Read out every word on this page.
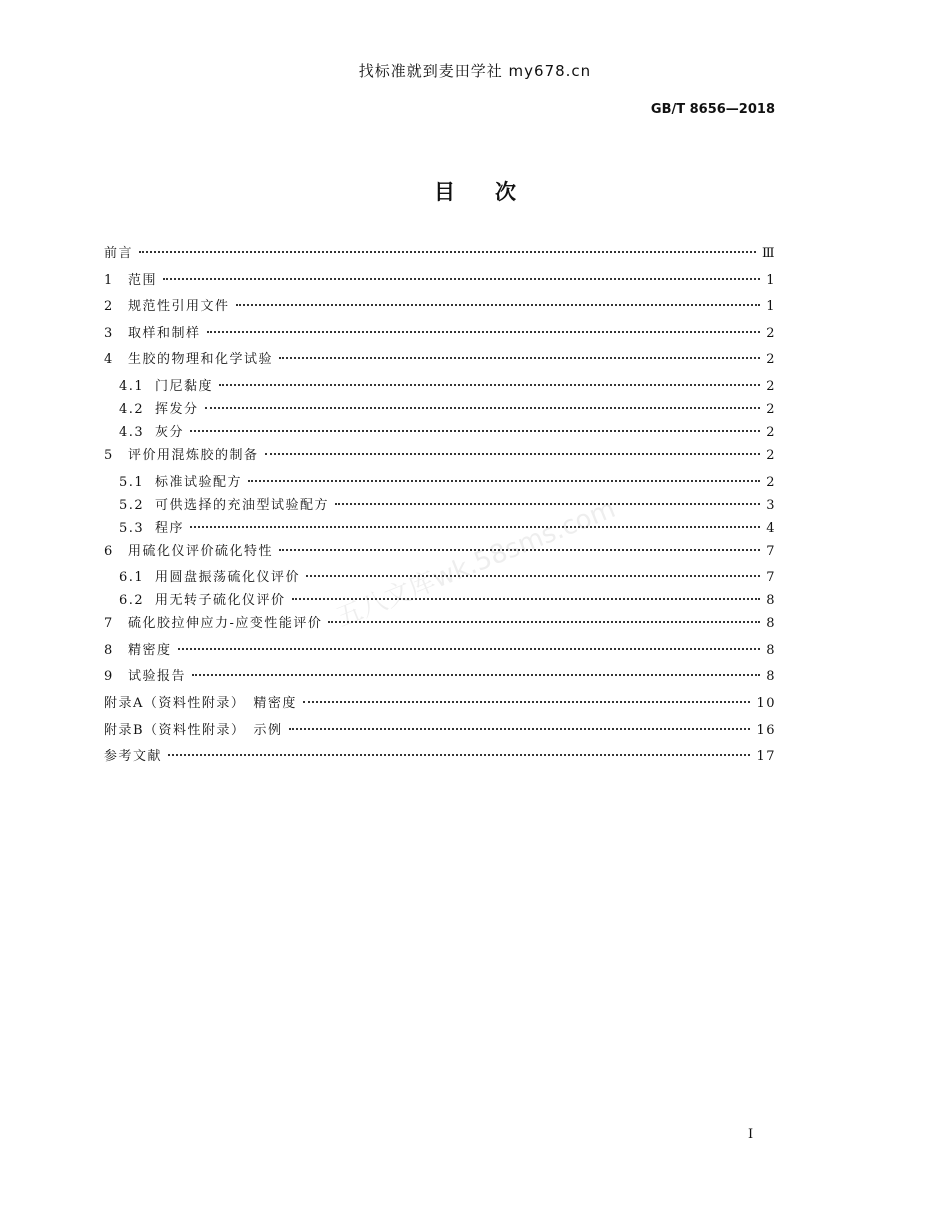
找标准就到麦田学社 my678.cn
GB/T 8656—2018
目次
前言	Ⅲ
1	范围	1
2	规范性引用文件	1
3	取样和制样	2
4	生胶的物理和化学试验	2
4.1 门尼黏度	2
4.2 挥发分	2
4.3 灰分	2
5	评价用混炼胶的制备	2
5.1 标准试验配方	2
5.2 可供选择的充油型试验配方	3
5.3 程序	4
6	用硫化仪评价硫化特性	7
6.1 用圆盘振荡硫化仪评价	7
6.2 用无转子硫化仪评价	8
7	硫化胶拉伸应力-应变性能评价	8
8	精密度	8
9	试验报告	8
附录A（资料性附录）　精密度	10
附录B（资料性附录）　示例	16
参考文献	17
五八文库wk.58sms.com
I
